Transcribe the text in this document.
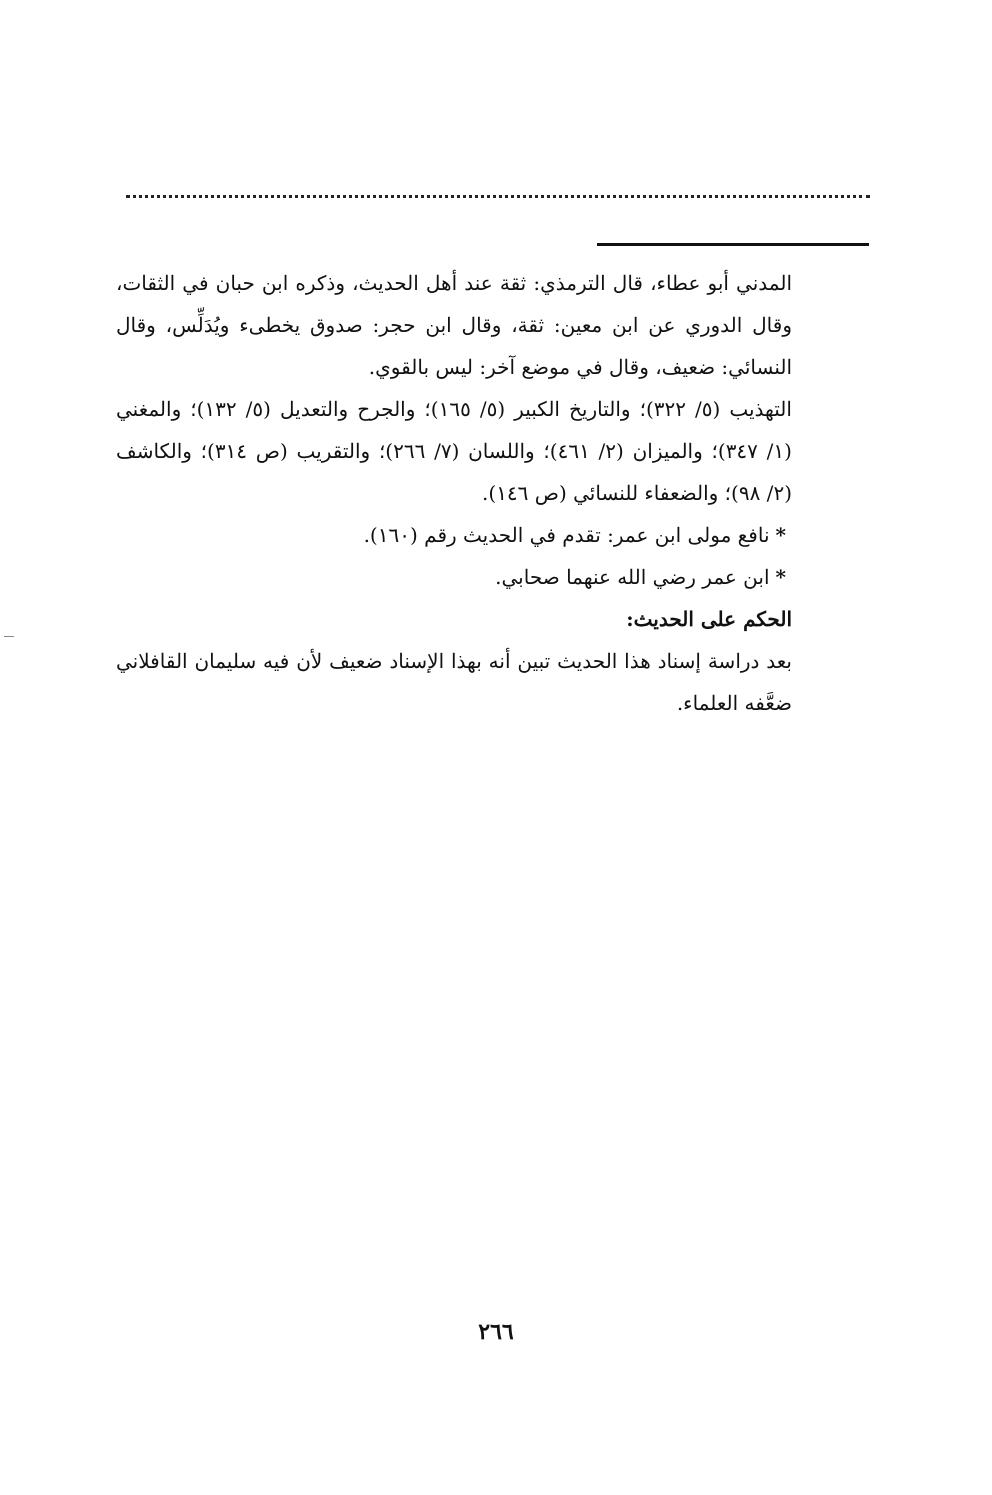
المدني أبو عطاء، قال الترمذي: ثقة عند أهل الحديث، وذكره ابن حبان في الثقات، وقال الدوري عن ابن معين: ثقة، وقال ابن حجر: صدوق يخطىء ويُدَلِّس، وقال النسائي: ضعيف، وقال في موضع آخر: ليس بالقوي.

التهذيب (٥/ ٣٢٢)؛ والتاريخ الكبير (٥/ ١٦٥)؛ والجرح والتعديل (٥/ ١٣٢)؛ والمغني (١/ ٣٤٧)؛ والميزان (٢/ ٤٦١)؛ واللسان (٧/ ٢٦٦)؛ والتقريب (ص ٣١٤)؛ والكاشف (٢/ ٩٨)؛ والضعفاء للنسائي (ص ١٤٦).

*نافع مولى ابن عمر: تقدم في الحديث رقم (١٦٠).

*ابن عمر رضي الله عنهما صحابي.

الحكم على الحديث:

بعد دراسة إسناد هذا الحديث تبين أنه بهذا الإسناد ضعيف لأن فيه سليمان القافلاني ضعَّفه العلماء.

٢٦٦
